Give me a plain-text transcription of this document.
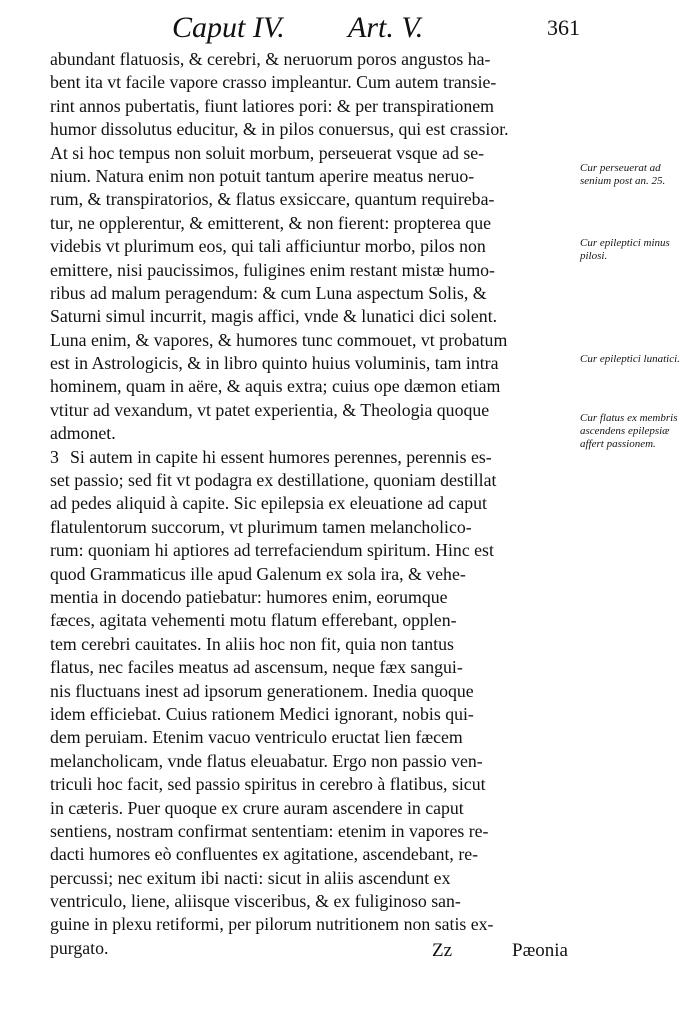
Caput IV. Art. V.	361

abundant flatuosis, & cerebri, & neruorum poros angustos ha-
bent ita vt facile vapore crasso impleantur. Cum autem transie-
rint annos pubertatis, fiunt latiores pori: & per transpirationem
humor dissolutus educitur, & in pilos conuersus, qui est crassior.
At si hoc tempus non soluit morbum, perseuerat vsque ad se-
nium. Natura enim non potuit tantum aperire meatus neruo-
rum, & transpiratorios, & flatus exsiccare, quantum requireba-
tur, ne opplerentur, & emitterent, & non fierent: propterea que
videbis vt plurimum eos, qui tali afficiuntur morbo, pilos non
emittere, nisi paucissimos, fuligines enim restant mistæ humo-
ribus ad malum peragendum: & cum Luna aspectum Solis, &
Saturni simul incurrit, magis affici, vnde & lunatici dici solent.
Luna enim, & vapores, & humores tunc commouet, vt probatum
est in Astrologicis, & in libro quinto huius voluminis, tam intra
hominem, quam in aëre, & aquis extra; cuius ope dæmon etiam
vtitur ad vexandum, vt patet experientia, & Theologia quoque
admonet.

3 Si autem in capite hi essent humores perennes, perennis es-
set passio; sed fit vt podagra ex destillatione, quoniam destillat
ad pedes aliquid à capite. Sic epilepsia ex eleuatione ad caput
flatulentorum succorum, vt plurimum tamen melancholico-
rum: quoniam hi aptiores ad terrefaciendum spiritum. Hinc est
quod Grammaticus ille apud Galenum ex sola ira, & vehe-
mentia in docendo patiebatur: humores enim, eorumque
fæces, agitata vehementi motu flatum efferebant, opplen-
tem cerebri cauitates. In aliis hoc non fit, quia non tantus
flatus, nec faciles meatus ad ascensum, neque fæx sangui-
nis fluctuans inest ad ipsorum generationem. Inedia quoque
idem efficiebat. Cuius rationem Medici ignorant, nobis qui-
dem peruiam. Etenim vacuo ventriculo eructat lien fæcem
melancholicam, vnde flatus eleuabatur. Ergo non passio ven-
triculi hoc facit, sed passio spiritus in cerebro à flatibus, sicut
in cæteris. Puer quoque ex crure auram ascendere in caput
sentiens, nostram confirmat sententiam: etenim in vapores re-
dacti humores eò confluentes ex agitatione, ascendebant, re-
percussi; nec exitum ibi nacti: sicut in aliis ascendunt ex
ventriculo, liene, aliisque visceribus, & ex fuliginoso san-
guine in plexu retiformi, per pilorum nutritionem non satis ex-
purgato.

Cur perseuerat ad senium post an. 25.
Cur epileptici minus pilosi.
Cur epileptici lunatici.
Cur flatus ex membris ascendens epilepsiæ affert passionem.
Zz	Pæonia
